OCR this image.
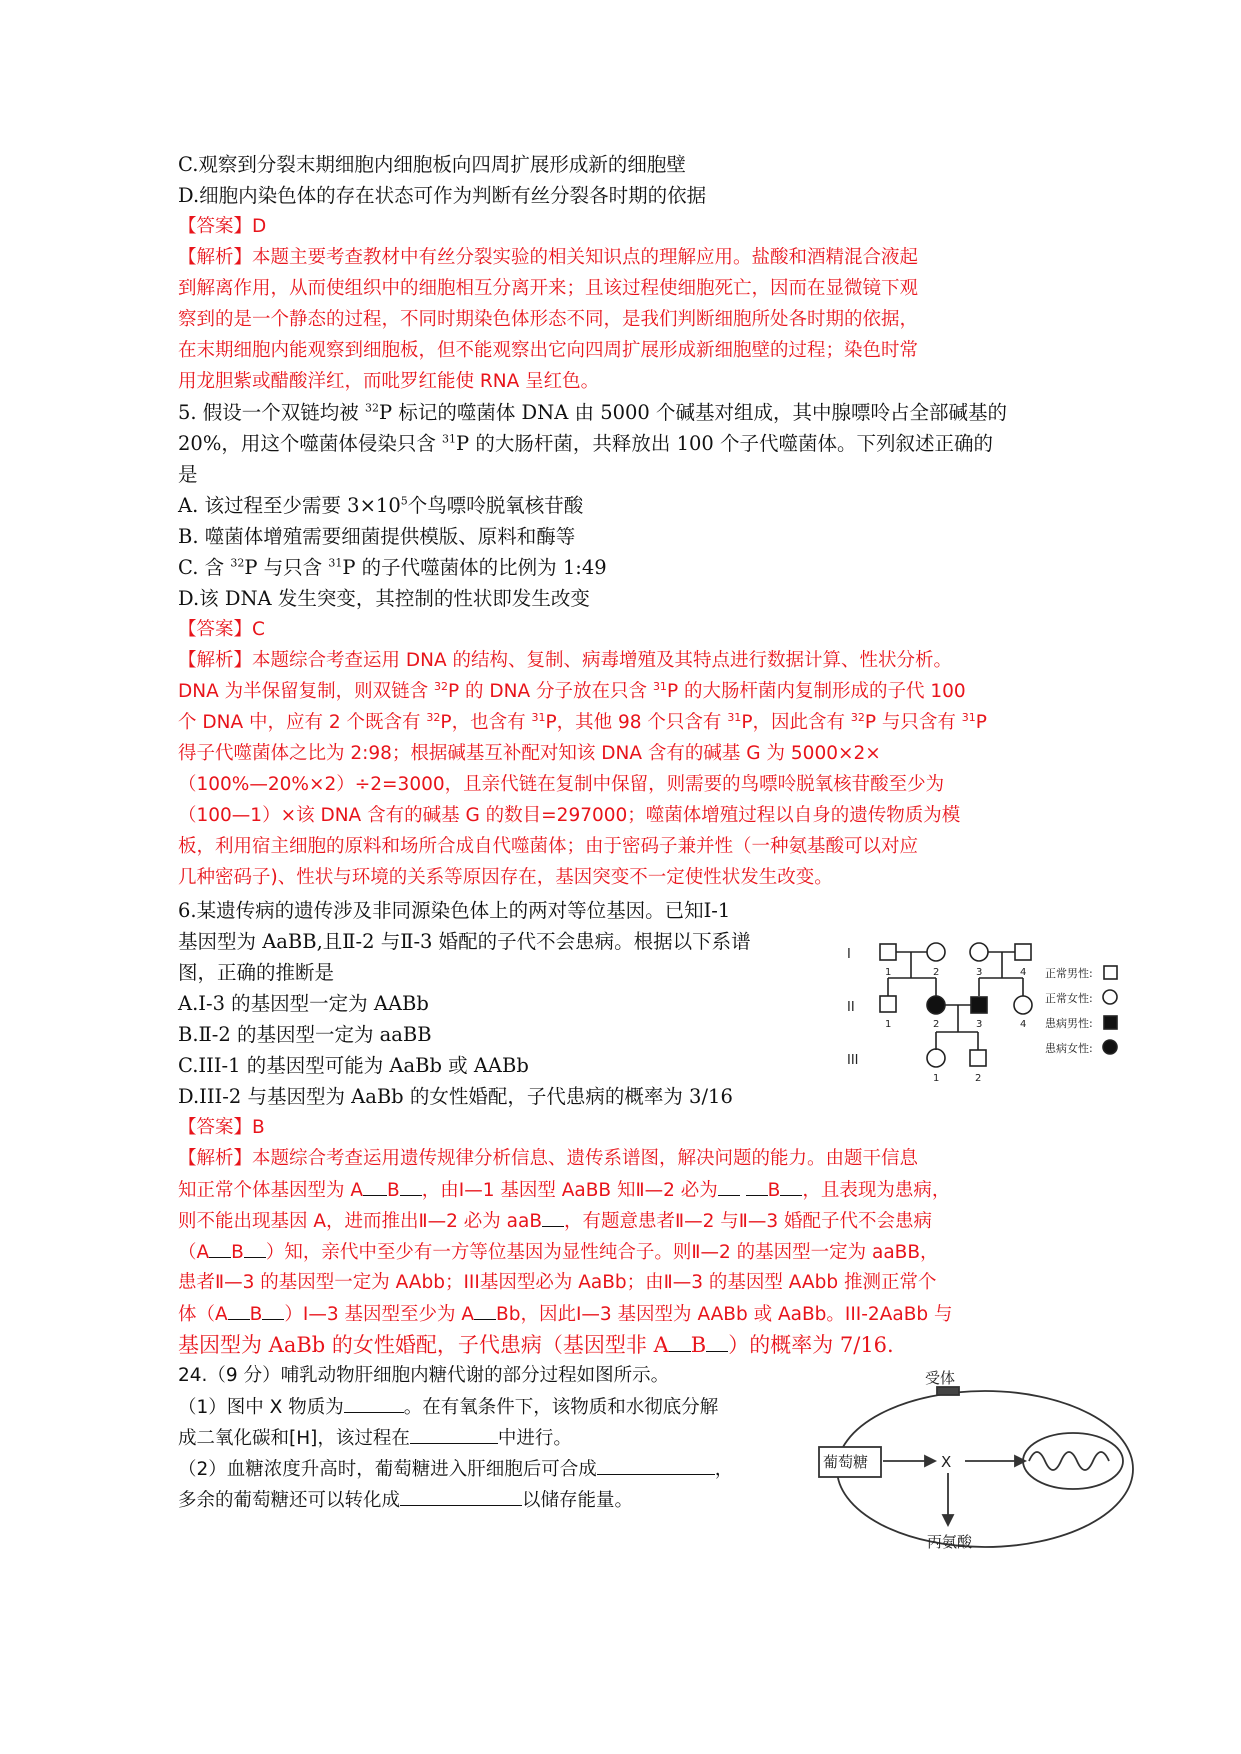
C.观察到分裂末期细胞内细胞板向四周扩展形成新的细胞壁
D.细胞内染色体的存在状态可作为判断有丝分裂各时期的依据
【答案】D
【解析】本题主要考查教材中有丝分裂实验的相关知识点的理解应用。盐酸和酒精混合液起
到解离作用，从而使组织中的细胞相互分离开来；且该过程使细胞死亡，因而在显微镜下观
察到的是一个静态的过程，不同时期染色体形态不同，是我们判断细胞所处各时期的依据，
在末期细胞内能观察到细胞板，但不能观察出它向四周扩展形成新细胞壁的过程；染色时常
用龙胆紫或醋酸洋红，而吡罗红能使 RNA 呈红色。
5. 假设一个双链均被 $^{32}$P 标记的噬菌体 DNA 由 5000 个碱基对组成，其中腺嘌呤占全部碱基的
20%，用这个噬菌体侵染只含 $^{31}$P 的大肠杆菌，共释放出 100 个子代噬菌体。下列叙述正确的
是
A. 该过程至少需要 $3\times 10^5$个鸟嘌呤脱氧核苷酸
B. 噬菌体增殖需要细菌提供模版、原料和酶等
C. 含 $^{32}$P 与只含 $^{31}$P 的子代噬菌体的比例为 1:49
D.该 DNA 发生突变，其控制的性状即发生改变
【答案】C
【解析】本题综合考查运用 DNA 的结构、复制、病毒增殖及其特点进行数据计算、性状分析。
DNA 为半保留复制，则双链含 $^{32}$P 的 DNA 分子放在只含 $^{31}$P 的大肠杆菌内复制形成的子代 100
个 DNA 中，应有 2 个既含有 $^{32}$P，也含有 $^{31}$P，其他 98 个只含有 $^{31}$P，因此含有 $^{32}$P 与只含有 $^{31}$P
得子代噬菌体之比为 2:98；根据碱基互补配对知该 DNA 含有的碱基 G 为 5000×2×
（100%—20%×2）÷2=3000，且亲代链在复制中保留，则需要的鸟嘌呤脱氧核苷酸至少为
（100—1）×该 DNA 含有的碱基 G 的数目=297000；噬菌体增殖过程以自身的遗传物质为模
板，利用宿主细胞的原料和场所合成自代噬菌体；由于密码子兼并性（一种氨基酸可以对应
几种密码子)、性状与环境的关系等原因存在，基因突变不一定使性状发生改变。
6.某遗传病的遗传涉及非同源染色体上的两对等位基因。已知Ⅰ-1
基因型为 AaBB,且Ⅱ-2 与Ⅱ-3 婚配的子代不会患病。根据以下系谱
图，正确的推断是
A.Ⅰ-3 的基因型一定为 AABb
B.Ⅱ-2 的基因型一定为 aaBB
C.III-1 的基因型可能为 AaBb 或 AABb
D.III-2 与基因型为 AaBb 的女性婚配，子代患病的概率为 3/16
【答案】B
【解析】本题综合考查运用遗传规律分析信息、遗传系谱图，解决问题的能力。由题干信息
知正常个体基因型为 A B ，由Ⅰ—1 基因型 AaBB 知Ⅱ—2 必为	B ，且表现为患病，
则不能出现基因 A，进而推出Ⅱ—2 必为 aaB ，有题意患者Ⅱ—2 与Ⅱ—3 婚配子代不会患病
（A B ）知，亲代中至少有一方等位基因为显性纯合子。则Ⅱ—2 的基因型一定为 aaBB，
患者Ⅱ—3 的基因型一定为 AAbb；III基因型必为 AaBb；由Ⅱ—3 的基因型 AAbb 推测正常个
体（A B ）Ⅰ—3 基因型至少为 A Bb，因此Ⅰ—3 基因型为 AABb 或 AaBb。III-2AaBb 与
基因型为 AaBb 的女性婚配，子代患病（基因型非 A B ）的概率为 7/16.
I
II
III
1	2	3	4
1	2	3	4
1	2
正常男性:
正常女性:
患病男性:
患病女性:
24.（9 分）哺乳动物肝细胞内糖代谢的部分过程如图所示。
（1）图中 X 物质为	。在有氧条件下，该物质和水彻底分解
成二氧化碳和[H]，该过程在	中进行。
（2）血糖浓度升高时，葡萄糖进入肝细胞后可合成	，
多余的葡萄糖还可以转化成	以储存能量。
受体
葡萄糖	X
丙氨酸
